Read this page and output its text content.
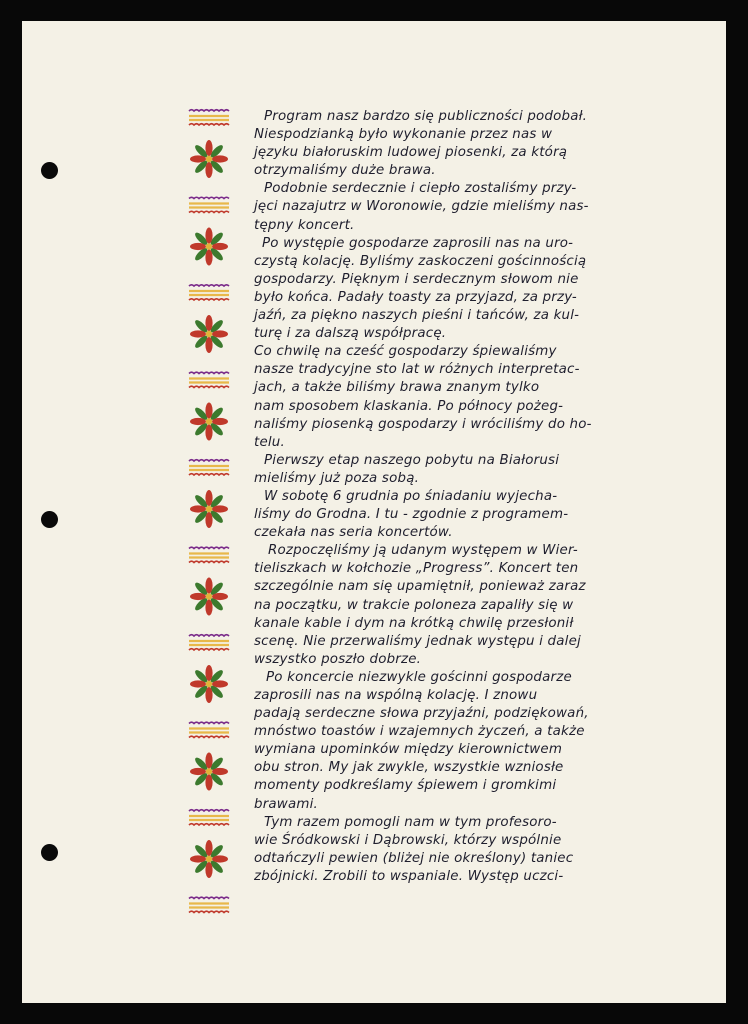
Program nasz bardzo się publiczności podobał.
Niespodzianką było wykonanie przez nas w
języku białoruskim ludowej piosenki, za którą
otrzymaliśmy duże brawa.
Podobnie serdecznie i ciepło zostaliśmy przy-
jęci nazajutrz w Woronowie, gdzie mieliśmy nas-
tępny koncert.
Po występie gospodarze zaprosili nas na uro-
czystą kolację. Byliśmy zaskoczeni gościnnością
gospodarzy. Pięknym i serdecznym słowom nie
było końca. Padały toasty za przyjazd, za przy-
jaźń, za piękno naszych pieśni i tańców, za kul-
turę i za dalszą współpracę.
Co chwilę na cześć gospodarzy śpiewaliśmy
nasze tradycyjne sto lat w różnych interpretac-
jach, a także biliśmy brawa znanym tylko
nam sposobem klaskania. Po północy pożeg-
naliśmy piosenką gospodarzy i wróciliśmy do ho-
telu.
Pierwszy etap naszego pobytu na Białorusi
mieliśmy już poza sobą.
W sobotę 6 grudnia po śniadaniu wyjecha-
liśmy do Grodna. I tu - zgodnie z programem-
czekała nas seria koncertów.
Rozpoczęliśmy ją udanym występem w Wier-
tieliszkach w kołchozie „Progress”. Koncert ten
szczególnie nam się upamiętnił, ponieważ zaraz
na początku, w trakcie poloneza zapaliły się w
kanale kable i dym na krótką chwilę przesłonił
scenę. Nie przerwaliśmy jednak występu i dalej
wszystko poszło dobrze.
Po koncercie niezwykle gościnni gospodarze
zaprosili nas na wspólną kolację. I znowu
padają serdeczne słowa przyjaźni, podziękowań,
mnóstwo toastów i wzajemnych życzeń, a także
wymiana upominków między kierownictwem
obu stron. My jak zwykle, wszystkie wzniosłe
momenty podkreślamy śpiewem i gromkimi
brawami.
Tym razem pomogli nam w tym profesoro-
wie Śródkowski i Dąbrowski, którzy wspólnie
odtańczyli pewien (bliżej nie określony) taniec
zbójnicki. Zrobili to wspaniale. Występ uczci-
